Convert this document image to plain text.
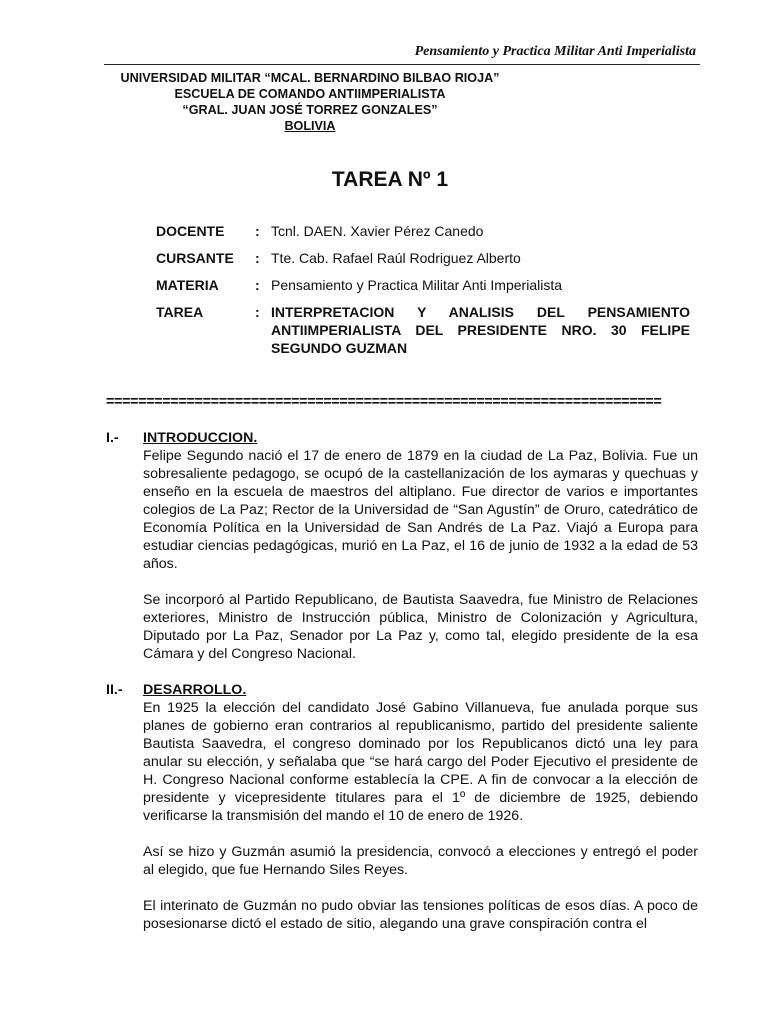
Pensamiento y Practica Militar Anti Imperialista
UNIVERSIDAD MILITAR “MCAL. BERNARDINO BILBAO RIOJA”
ESCUELA DE COMANDO ANTIIMPERIALISTA
“GRAL. JUAN JOSÉ TORREZ GONZALES”
BOLIVIA
TAREA Nº 1
DOCENTE	: Tcnl. DAEN. Xavier Pérez Canedo
CURSANTE	: Tte. Cab. Rafael Raúl Rodriguez Alberto
MATERIA	: Pensamiento y Practica Militar Anti Imperialista
TAREA	: INTERPRETACION Y ANALISIS DEL PENSAMIENTO ANTIIMPERIALISTA DEL PRESIDENTE NRO. 30 FELIPE SEGUNDO GUZMAN
=====================================================================
I.-	INTRODUCCION.

Felipe Segundo nació el 17 de enero de 1879 en la ciudad de La Paz, Bolivia. Fue un sobresaliente pedagogo, se ocupó de la castellanización de los aymaras y quechuas y enseño en la escuela de maestros del altiplano. Fue director de varios e importantes colegios de La Paz; Rector de la Universidad de “San Agustín” de Oruro, catedrático de Economía Política en la Universidad de San Andrés de La Paz. Viajó a Europa para estudiar ciencias pedagógicas, murió en La Paz, el 16 de junio de 1932 a la edad de 53 años.

Se incorporó al Partido Republicano, de Bautista Saavedra, fue Ministro de Relaciones exteriores, Ministro de Instrucción pública, Ministro de Colonización y Agricultura, Diputado por La Paz, Senador por La Paz y, como tal, elegido presidente de la esa Cámara y del Congreso Nacional.

II.-	DESARROLLO.

En 1925 la elección del candidato José Gabino Villanueva, fue anulada porque sus planes de gobierno eran contrarios al republicanismo, partido del presidente saliente Bautista Saavedra, el congreso dominado por los Republicanos dictó una ley para anular su elección, y señalaba que “se hará cargo del Poder Ejecutivo el presidente de H. Congreso Nacional conforme establecía la CPE. A fin de convocar a la elección de presidente y vicepresidente titulares para el 1º de diciembre de 1925, debiendo verificarse la transmisión del mando el 10 de enero de 1926.

Así se hizo y Guzmán asumió la presidencia, convocó a elecciones y entregó el poder al elegido, que fue Hernando Siles Reyes.

El interinato de Guzmán no pudo obviar las tensiones políticas de esos días. A poco de posesionarse dictó el estado de sitio, alegando una grave conspiración contra el
